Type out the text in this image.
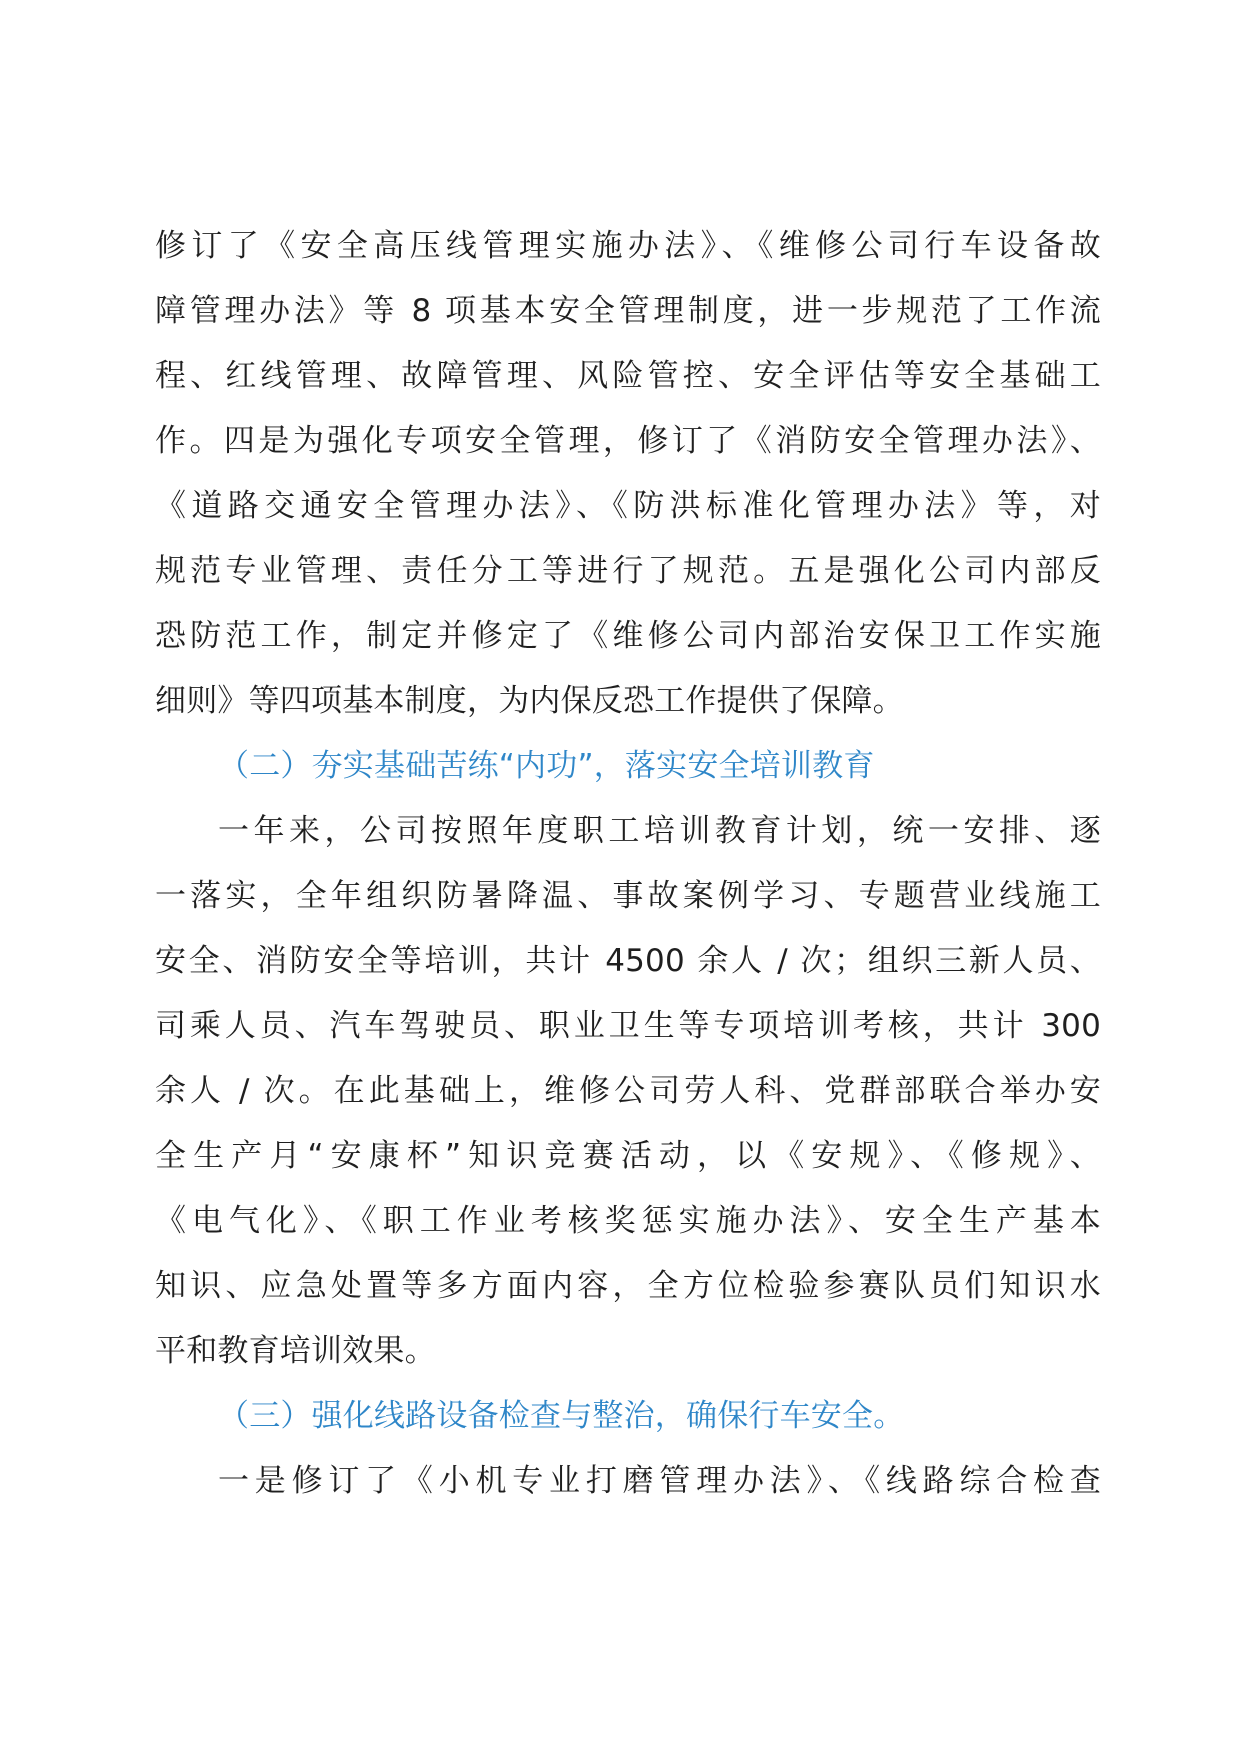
修订了《安全高压线管理实施办法》、《维修公司行车设备故
障管理办法》等 8 项基本安全管理制度，进一步规范了工作流
程、红线管理、故障管理、风险管控、安全评估等安全基础工
作。四是为强化专项安全管理，修订了《消防安全管理办法》、
《道路交通安全管理办法》、《防洪标准化管理办法》等，对
规范专业管理、责任分工等进行了规范。五是强化公司内部反
恐防范工作，制定并修定了《维修公司内部治安保卫工作实施
细则》等四项基本制度，为内保反恐工作提供了保障。
（二）夯实基础苦练“内功”，落实安全培训教育
一年来，公司按照年度职工培训教育计划，统一安排、逐
一落实，全年组织防暑降温、事故案例学习、专题营业线施工
安全、消防安全等培训，共计 4500 余人 / 次；组织三新人员、
司乘人员、汽车驾驶员、职业卫生等专项培训考核，共计 300
余人 / 次。在此基础上，维修公司劳人科、党群部联合举办安
全生产月“安康杯”知识竞赛活动，以《安规》、《修规》、
《电气化》、《职工作业考核奖惩实施办法》、安全生产基本
知识、应急处置等多方面内容，全方位检验参赛队员们知识水
平和教育培训效果。
（三）强化线路设备检查与整治，确保行车安全。
一是修订了《小机专业打磨管理办法》、《线路综合检查
